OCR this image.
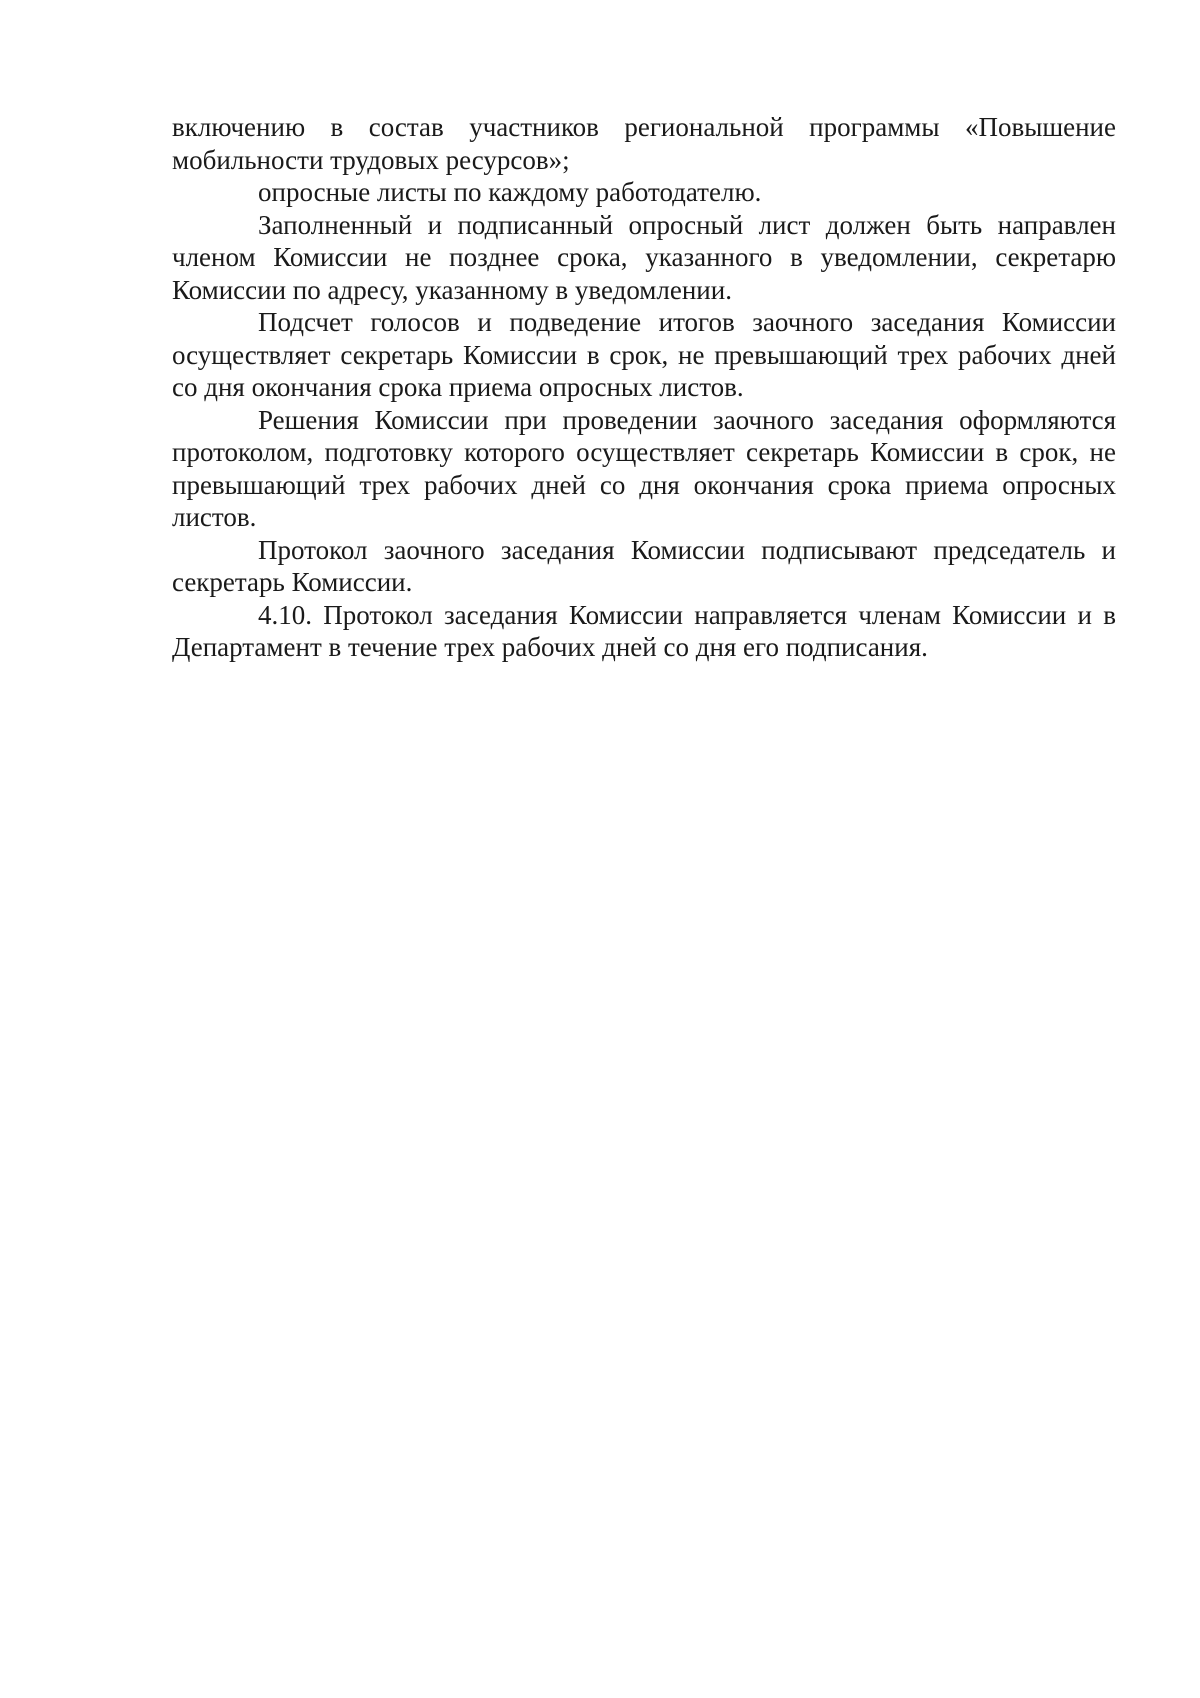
включению в состав участников региональной программы «Повышение мобильности трудовых ресурсов»;

опросные листы по каждому работодателю.

Заполненный и подписанный опросный лист должен быть направлен членом Комиссии не позднее срока, указанного в уведомлении, секретарю Комиссии по адресу, указанному в уведомлении.

Подсчет голосов и подведение итогов заочного заседания Комиссии осуществляет секретарь Комиссии в срок, не превышающий трех рабочих дней со дня окончания срока приема опросных листов.

Решения Комиссии при проведении заочного заседания оформляются протоколом, подготовку которого осуществляет секретарь Комиссии в срок, не превышающий трех рабочих дней со дня окончания срока приема опросных листов.

Протокол заочного заседания Комиссии подписывают председатель и секретарь Комиссии.

4.10. Протокол заседания Комиссии направляется членам Комиссии и в Департамент в течение трех рабочих дней со дня его подписания.
